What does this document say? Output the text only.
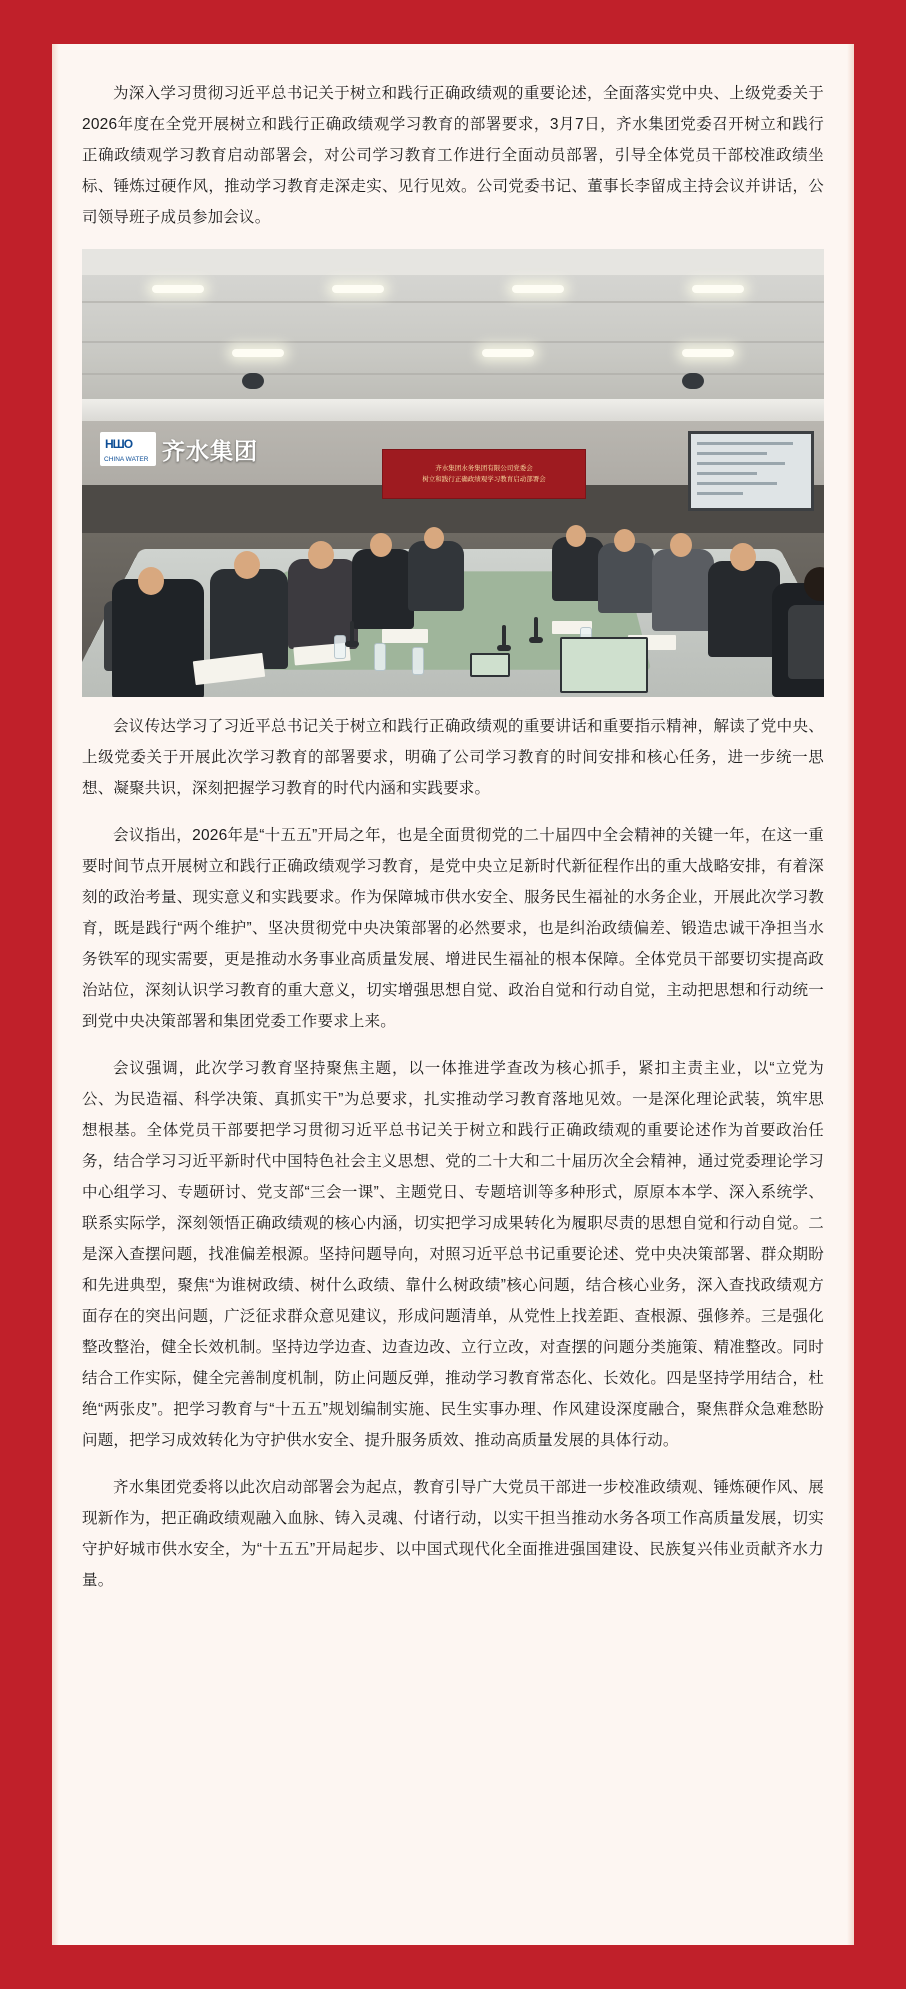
为深入学习贯彻习近平总书记关于树立和践行正确政绩观的重要论述，全面落实党中央、上级党委关于2026年度在全党开展树立和践行正确政绩观学习教育的部署要求，3月7日，齐水集团党委召开树立和践行正确政绩观学习教育启动部署会，对公司学习教育工作进行全面动员部署，引导全体党员干部校准政绩坐标、锤炼过硬作风，推动学习教育走深走实、见行见效。公司党委书记、董事长李留成主持会议并讲话，公司领导班子成员参加会议。

HШO
CHINA WATER 齐水集团
齐水集团水务集团有限公司党委会
树立和践行正确政绩观学习教育启动部署会

会议传达学习了习近平总书记关于树立和践行正确政绩观的重要讲话和重要指示精神，解读了党中央、上级党委关于开展此次学习教育的部署要求，明确了公司学习教育的时间安排和核心任务，进一步统一思想、凝聚共识，深刻把握学习教育的时代内涵和实践要求。

会议指出，2026年是“十五五”开局之年，也是全面贯彻党的二十届四中全会精神的关键一年，在这一重要时间节点开展树立和践行正确政绩观学习教育，是党中央立足新时代新征程作出的重大战略安排，有着深刻的政治考量、现实意义和实践要求。作为保障城市供水安全、服务民生福祉的水务企业，开展此次学习教育，既是践行“两个维护”、坚决贯彻党中央决策部署的必然要求，也是纠治政绩偏差、锻造忠诚干净担当水务铁军的现实需要，更是推动水务事业高质量发展、增进民生福祉的根本保障。全体党员干部要切实提高政治站位，深刻认识学习教育的重大意义，切实增强思想自觉、政治自觉和行动自觉，主动把思想和行动统一到党中央决策部署和集团党委工作要求上来。

会议强调，此次学习教育坚持聚焦主题，以一体推进学查改为核心抓手，紧扣主责主业，以“立党为公、为民造福、科学决策、真抓实干”为总要求，扎实推动学习教育落地见效。一是深化理论武装，筑牢思想根基。全体党员干部要把学习贯彻习近平总书记关于树立和践行正确政绩观的重要论述作为首要政治任务，结合学习习近平新时代中国特色社会主义思想、党的二十大和二十届历次全会精神，通过党委理论学习中心组学习、专题研讨、党支部“三会一课”、主题党日、专题培训等多种形式，原原本本学、深入系统学、联系实际学，深刻领悟正确政绩观的核心内涵，切实把学习成果转化为履职尽责的思想自觉和行动自觉。二是深入查摆问题，找准偏差根源。坚持问题导向，对照习近平总书记重要论述、党中央决策部署、群众期盼和先进典型，聚焦“为谁树政绩、树什么政绩、靠什么树政绩”核心问题，结合核心业务，深入查找政绩观方面存在的突出问题，广泛征求群众意见建议，形成问题清单，从党性上找差距、查根源、强修养。三是强化整改整治，健全长效机制。坚持边学边查、边查边改、立行立改，对查摆的问题分类施策、精准整改。同时结合工作实际，健全完善制度机制，防止问题反弹，推动学习教育常态化、长效化。四是坚持学用结合，杜绝“两张皮”。把学习教育与“十五五”规划编制实施、民生实事办理、作风建设深度融合，聚焦群众急难愁盼问题，把学习成效转化为守护供水安全、提升服务质效、推动高质量发展的具体行动。

齐水集团党委将以此次启动部署会为起点，教育引导广大党员干部进一步校准政绩观、锤炼硬作风、展现新作为，把正确政绩观融入血脉、铸入灵魂、付诸行动，以实干担当推动水务各项工作高质量发展，切实守护好城市供水安全，为“十五五”开局起步、以中国式现代化全面推进强国建设、民族复兴伟业贡献齐水力量。
